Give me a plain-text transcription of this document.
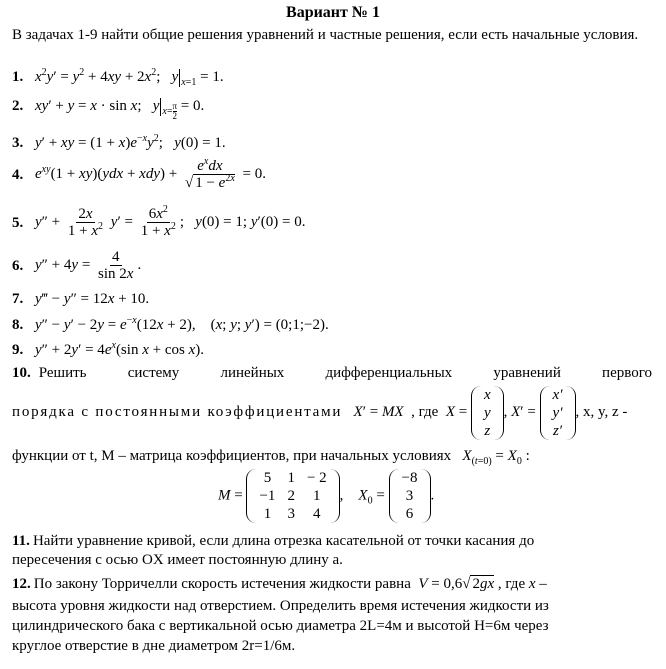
Вариант № 1
В задачах 1-9 найти общие решения уравнений и частные решения, если есть начальные условия.
1. $x^2y' = y^2 + 4xy + 2x^2$;   y $_{x=1}$ = 1.
2. xy′ + y = x · sin x;   y $_{x= \frac{\pi}{2}}$ = 0.
3. y′ + xy = $(1 + x)e^{-x}y^2$;   y(0) = 1.
4. $e^{xy}(1 + xy)(ydx + xdy) + \frac{e^xdx}{√ 1 - e^{2x}} = 0$.
5. $y'' + \frac{2x}{1 + x^2} y' = \frac{6x^2}{1 + x^2}$ ;   y(0) = 1; y′(0) = 0.
6. $y'' + 4y = \frac{4}{\sin 2x}$ .
7. y‴ − y″ = 12x + 10.
8. $y'' - y' - 2y = e^{-x}(12x + 2)$,    (x; y; y′) = (0;1;−2).
9. $y'' + 2y' = 4e^x(\sin$ x + cos x).
10. Решить систему линейных дифференциальных уравнений первого
порядка с постоянными коэффициентами X′ = MX  , где  X =
x
y
z
, X′ =
x′
y′
z′
, x, y, z -
функции от t, M – матрица коэффициентов, при начальных условиях $X_{(t=0)} = X_0$ :
M =
5	1	− 2
−1	2	1
1	3	4
,    $X_0$ =
−8
3
6
.
11. Найти уравнение кривой, если длина отрезка касательной от точки касания до
пересечения с осью OX имеет постоянную длину a.
12. По закону Торричелли скорость истечения жидкости равна V = 0,6√ 2gx , где x –
высота уровня жидкости над отверстием. Определить время истечения жидкости из
цилиндрического бака с вертикальной осью диаметра 2L=4м и высотой H=6м через
круглое отверстие в дне диаметром 2r=1/6м.
